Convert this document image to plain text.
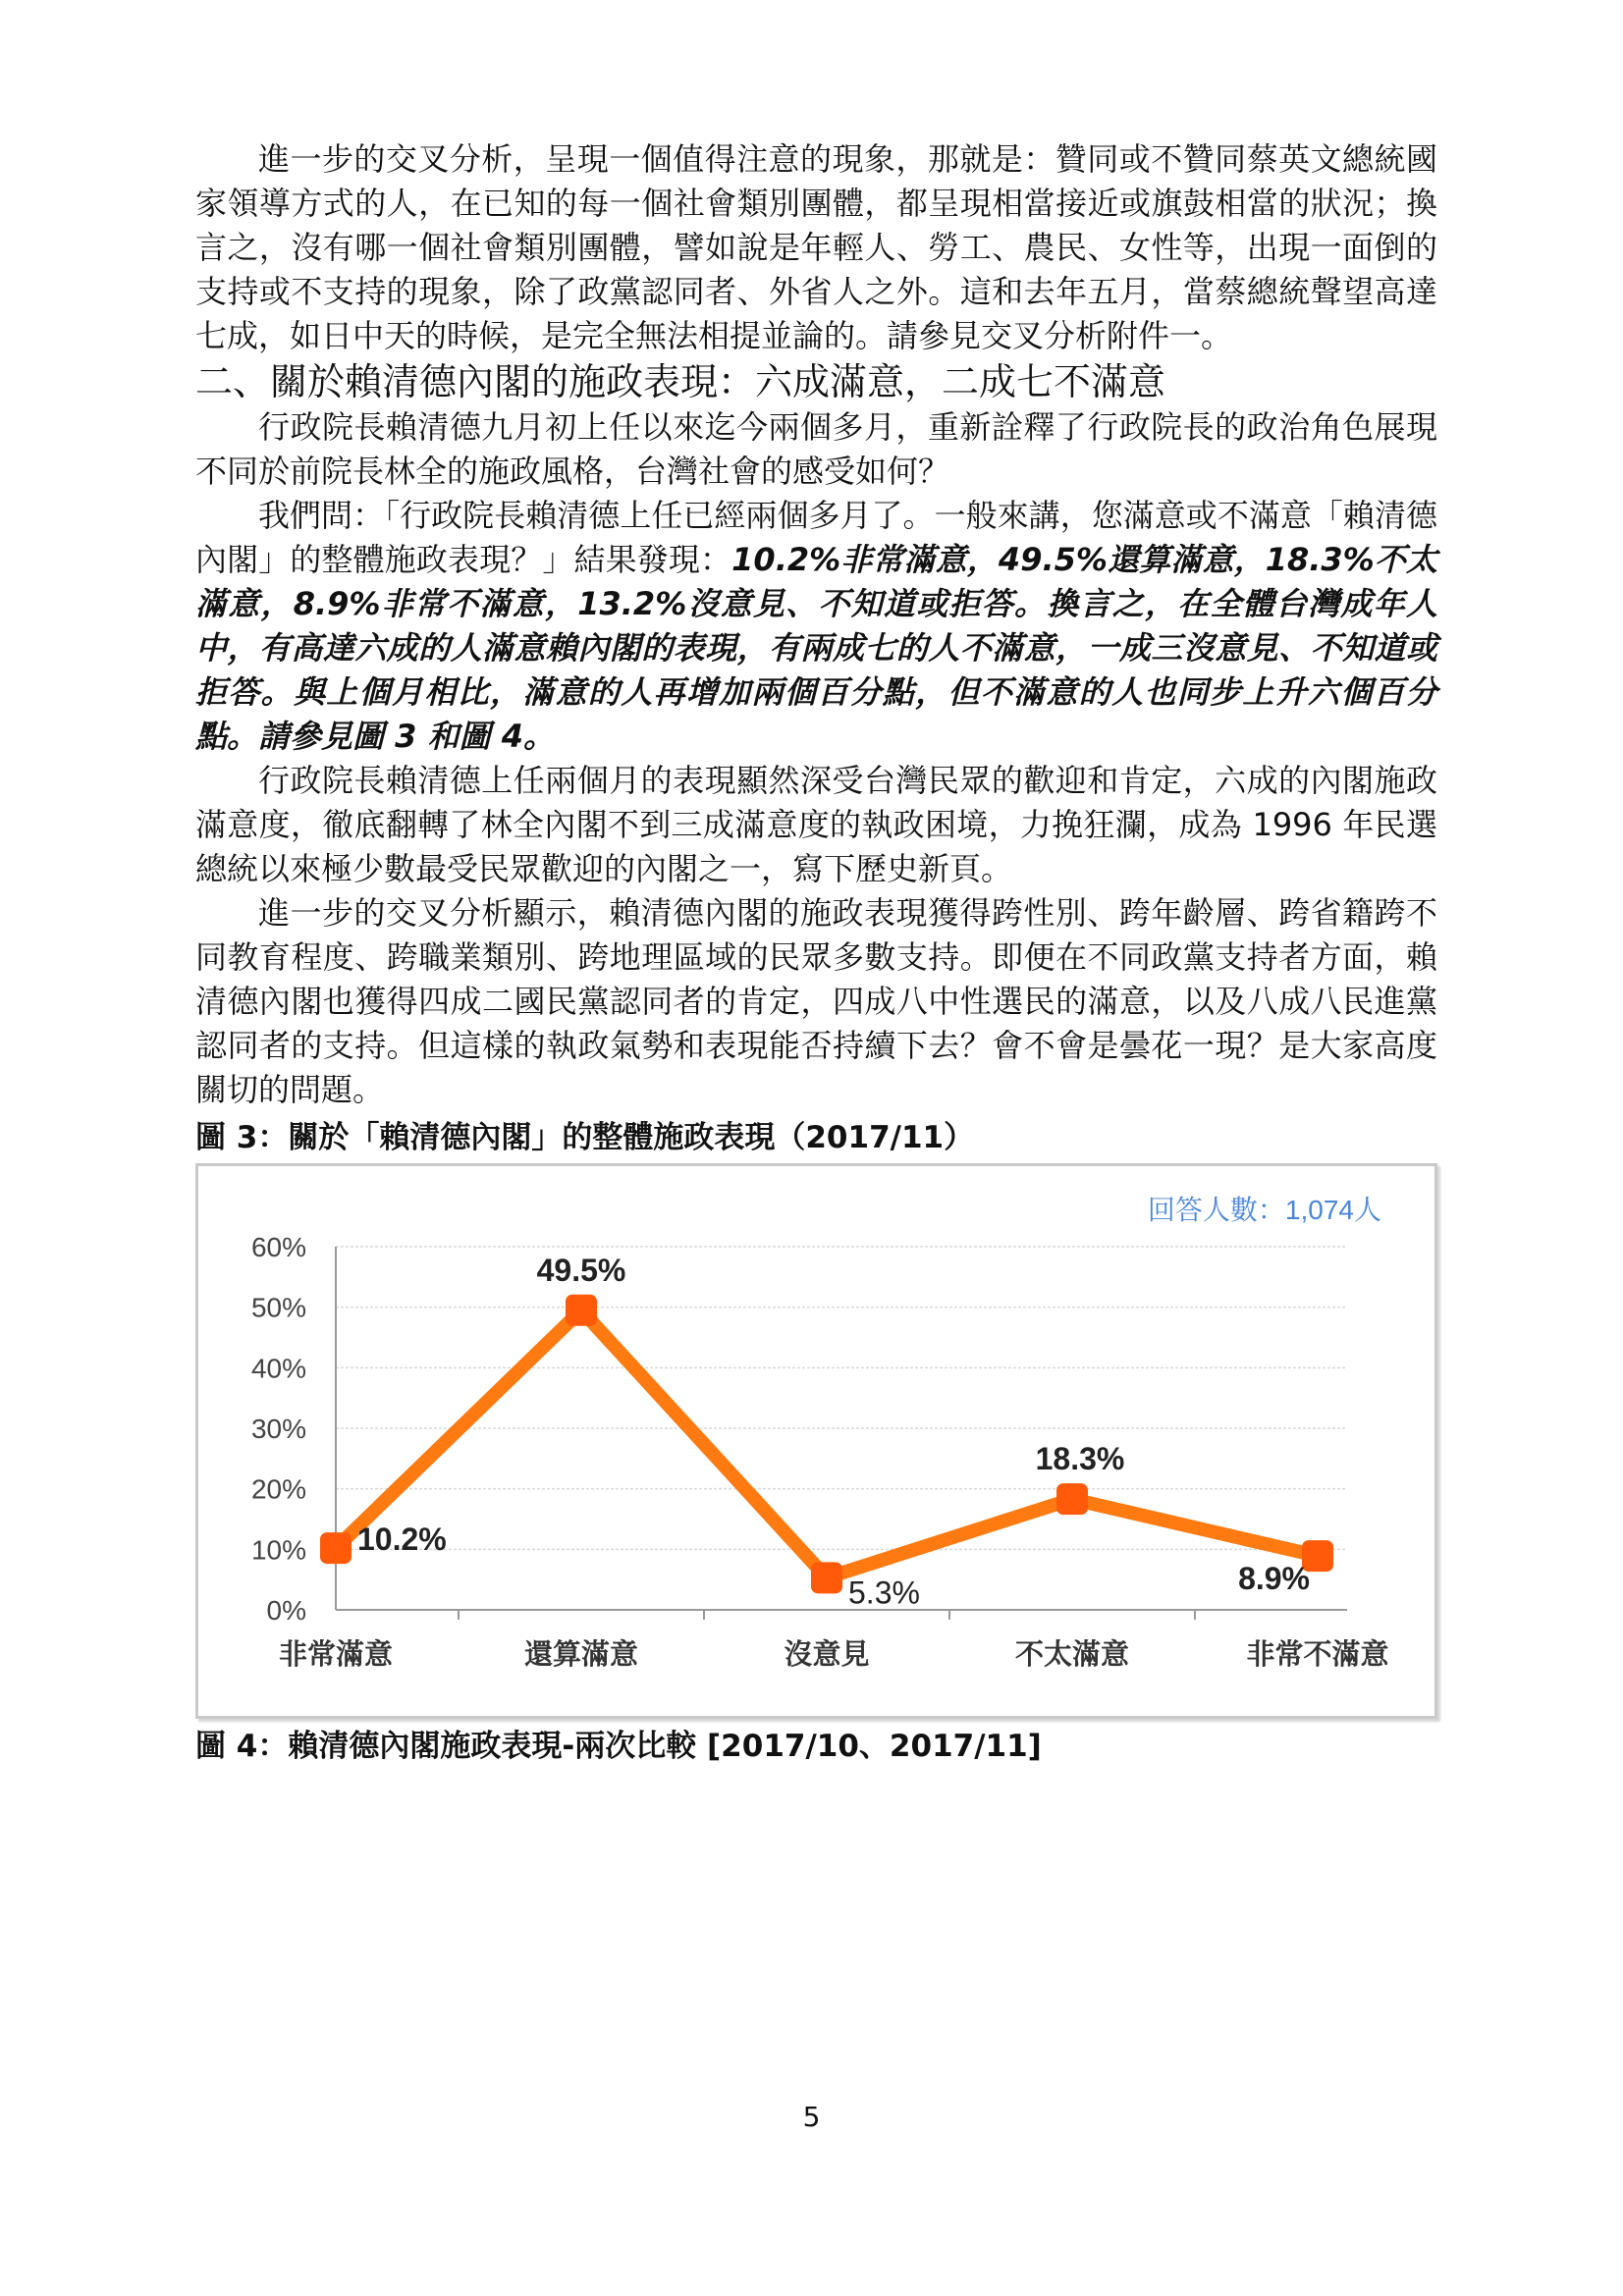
進一步的交叉分析，呈現一個值得注意的現象，那就是：贊同或不贊同蔡英文總統國家領導方式的人，在已知的每一個社會類別團體，都呈現相當接近或旗鼓相當的狀況；換言之，沒有哪一個社會類別團體，譬如說是年輕人、勞工、農民、女性等，出現一面倒的支持或不支持的現象，除了政黨認同者、外省人之外。這和去年五月，當蔡總統聲望高達七成，如日中天的時候，是完全無法相提並論的。請參見交叉分析附件一。

二、關於賴清德內閣的施政表現：六成滿意，二成七不滿意

行政院長賴清德九月初上任以來迄今兩個多月，重新詮釋了行政院長的政治角色展現不同於前院長林全的施政風格，台灣社會的感受如何？

我們問：「行政院長賴清德上任已經兩個多月了。一般來講，您滿意或不滿意「賴清德內閣」的整體施政表現？」結果發現：10.2%非常滿意，49.5%還算滿意，18.3%不太滿意，8.9%非常不滿意，13.2%沒意見、不知道或拒答。換言之，在全體台灣成年人中，有高達六成的人滿意賴內閣的表現，有兩成七的人不滿意，一成三沒意見、不知道或拒答。與上個月相比，滿意的人再增加兩個百分點，但不滿意的人也同步上升六個百分點。請參見圖 3 和圖 4。

行政院長賴清德上任兩個月的表現顯然深受台灣民眾的歡迎和肯定，六成的內閣施政滿意度，徹底翻轉了林全內閣不到三成滿意度的執政困境，力挽狂瀾，成為 1996 年民選總統以來極少數最受民眾歡迎的內閣之一，寫下歷史新頁。

進一步的交叉分析顯示，賴清德內閣的施政表現獲得跨性別、跨年齡層、跨省籍跨不同教育程度、跨職業類別、跨地理區域的民眾多數支持。即便在不同政黨支持者方面，賴清德內閣也獲得四成二國民黨認同者的肯定，四成八中性選民的滿意，以及八成八民進黨認同者的支持。但這樣的執政氣勢和表現能否持續下去？會不會是曇花一現？是大家高度關切的問題。

圖 3：關於「賴清德內閣」的整體施政表現（2017/11）

0%
10%
20%
30%
40%
50%
60%
非常滿意	還算滿意	沒意見	不太滿意	非常不滿意
10.2%
49.5%
5.3%
18.3%
8.9%
回答人數：1,074人

圖 4：賴清德內閣施政表現-兩次比較 [2017/10、2017/11]

5
